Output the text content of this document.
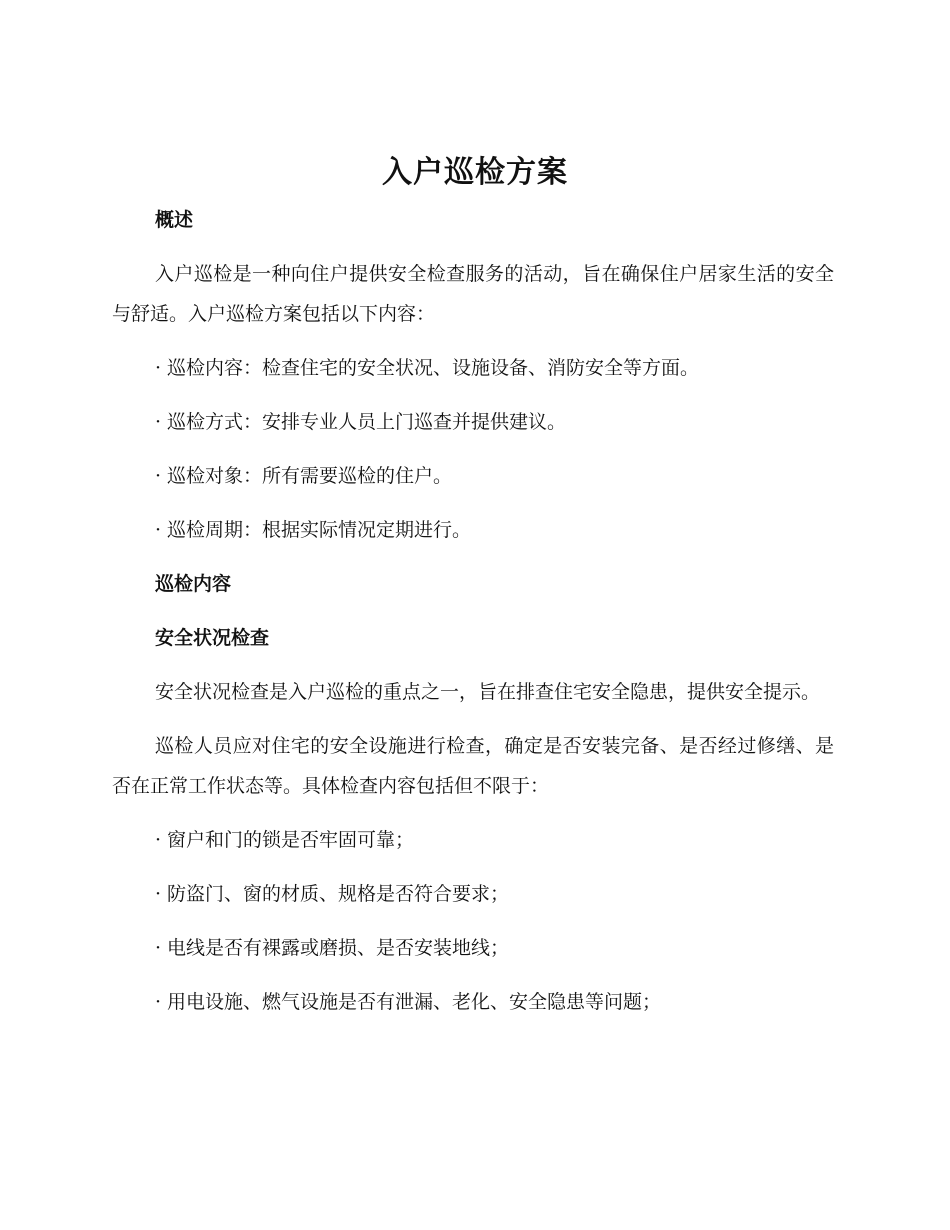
入户巡检方案
概述

入户巡检是一种向住户提供安全检查服务的活动，旨在确保住户居家生活的安全与舒适。入户巡检方案包括以下内容：

· 巡检内容：检查住宅的安全状况、设施设备、消防安全等方面。
· 巡检方式：安排专业人员上门巡查并提供建议。
· 巡检对象：所有需要巡检的住户。
· 巡检周期：根据实际情况定期进行。
巡检内容
安全状况检查

安全状况检查是入户巡检的重点之一，旨在排查住宅安全隐患，提供安全提示。

巡检人员应对住宅的安全设施进行检查，确定是否安装完备、是否经过修缮、是否在正常工作状态等。具体检查内容包括但不限于：

· 窗户和门的锁是否牢固可靠；
· 防盗门、窗的材质、规格是否符合要求；
· 电线是否有裸露或磨损、是否安装地线；
· 用电设施、燃气设施是否有泄漏、老化、安全隐患等问题；
